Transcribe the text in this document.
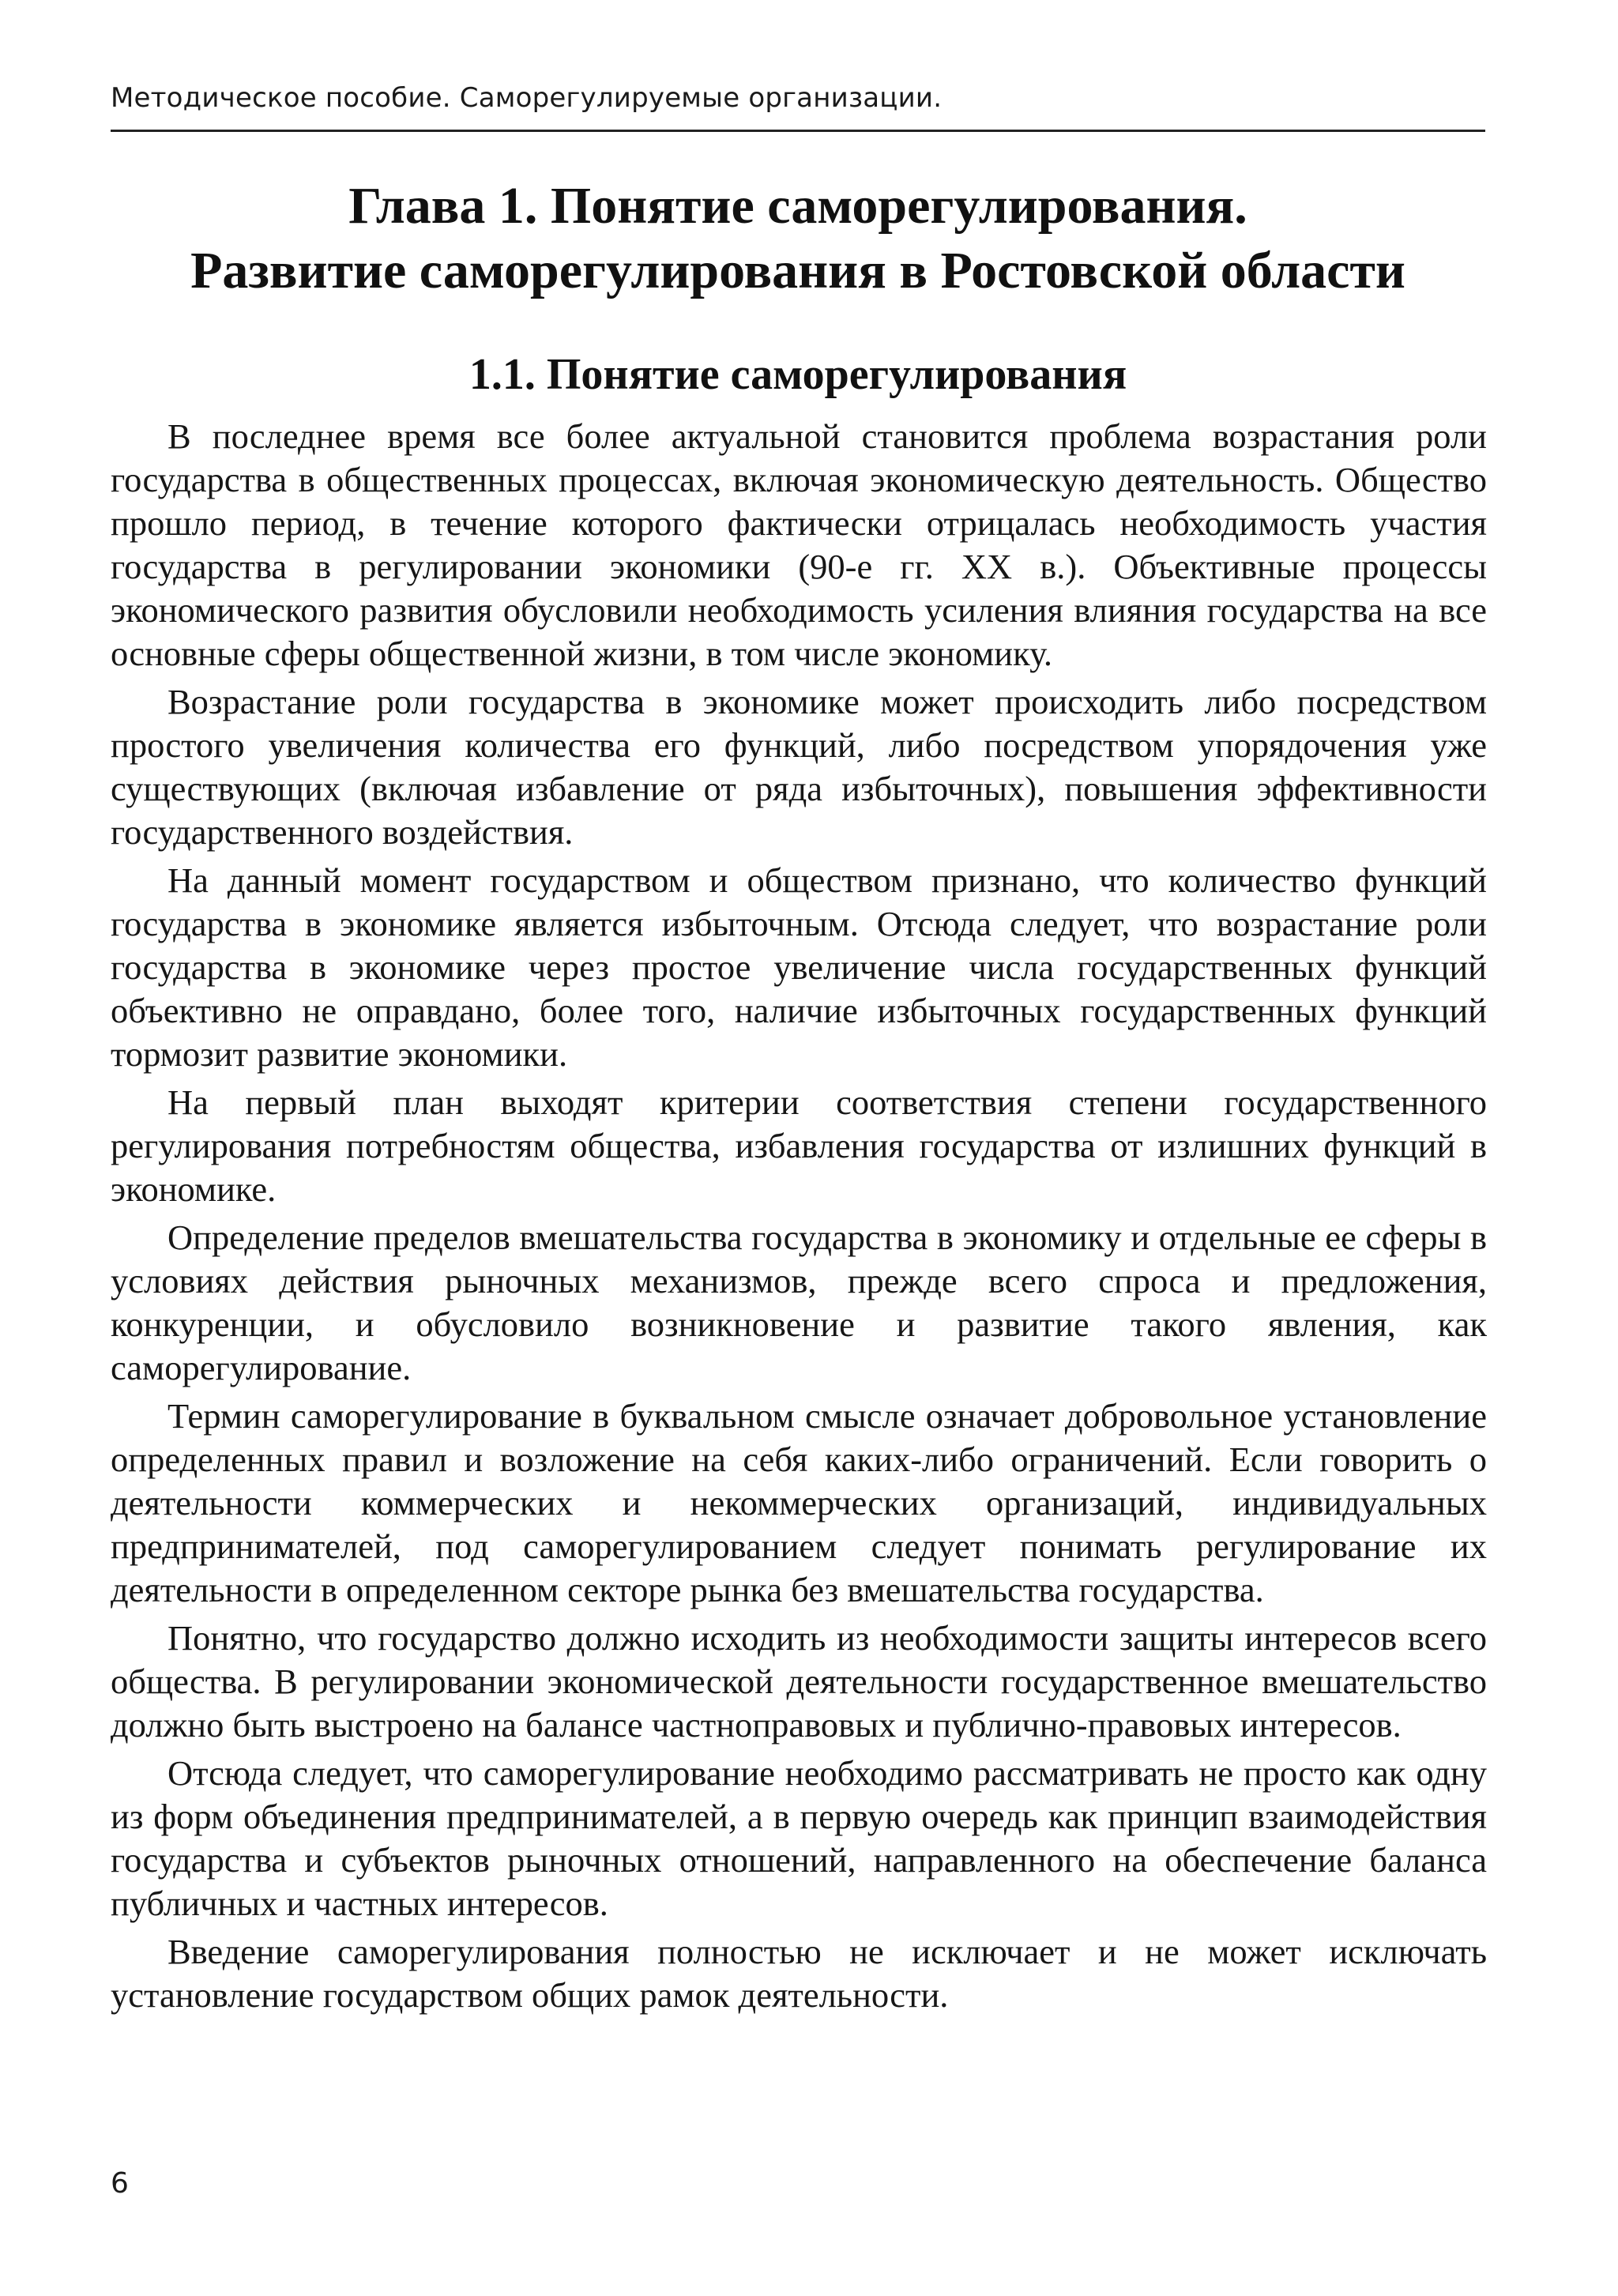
Методическое пособие. Саморегулируемые организации.
Глава 1. Понятие саморегулирования.
Развитие саморегулирования в Ростовской области
1.1. Понятие саморегулирования

В последнее время все более актуальной становится проблема возрастания роли государства в общественных процессах, включая экономическую деятельность. Общество прошло период, в течение которого фактически отрицалась необходимость участия государства в регулировании экономики (90-е гг. XX в.). Объективные процессы экономического развития обусловили необходимость усиления влияния государства на все основные сферы общественной жизни, в том числе экономику.

Возрастание роли государства в экономике может происходить либо посредством простого увеличения количества его функций, либо посредством упорядочения уже существующих (включая избавление от ряда избыточных), повышения эффективности государственного воздействия.

На данный момент государством и обществом признано, что количество функций государства в экономике является избыточным. Отсюда следует, что возрастание роли государства в экономике через простое увеличение числа государственных функций объективно не оправдано, более того, наличие избыточных государственных функций тормозит развитие экономики.

На первый план выходят критерии соответствия степени государственного регулирования потребностям общества, избавления государства от излишних функций в экономике.

Определение пределов вмешательства государства в экономику и отдельные ее сферы в условиях действия рыночных механизмов, прежде всего спроса и предложения, конкуренции, и обусловило возникновение и развитие такого явления, как саморегулирование.

Термин саморегулирование в буквальном смысле означает добровольное установление определенных правил и возложение на себя каких-либо ограничений. Если говорить о деятельности коммерческих и некоммерческих организаций, индивидуальных предпринимателей, под саморегулированием следует понимать регулирование их деятельности в определенном секторе рынка без вмешательства государства.

Понятно, что государство должно исходить из необходимости защиты интересов всего общества. В регулировании экономической деятельности государственное вмешательство должно быть выстроено на балансе частноправовых и публично-правовых интересов.

Отсюда следует, что саморегулирование необходимо рассматривать не просто как одну из форм объединения предпринимателей, а в первую очередь как принцип взаимодействия государства и субъектов рыночных отношений, направленного на обеспечение баланса публичных и частных интересов.

Введение саморегулирования полностью не исключает и не может исключать установление государством общих рамок деятельности.

6
